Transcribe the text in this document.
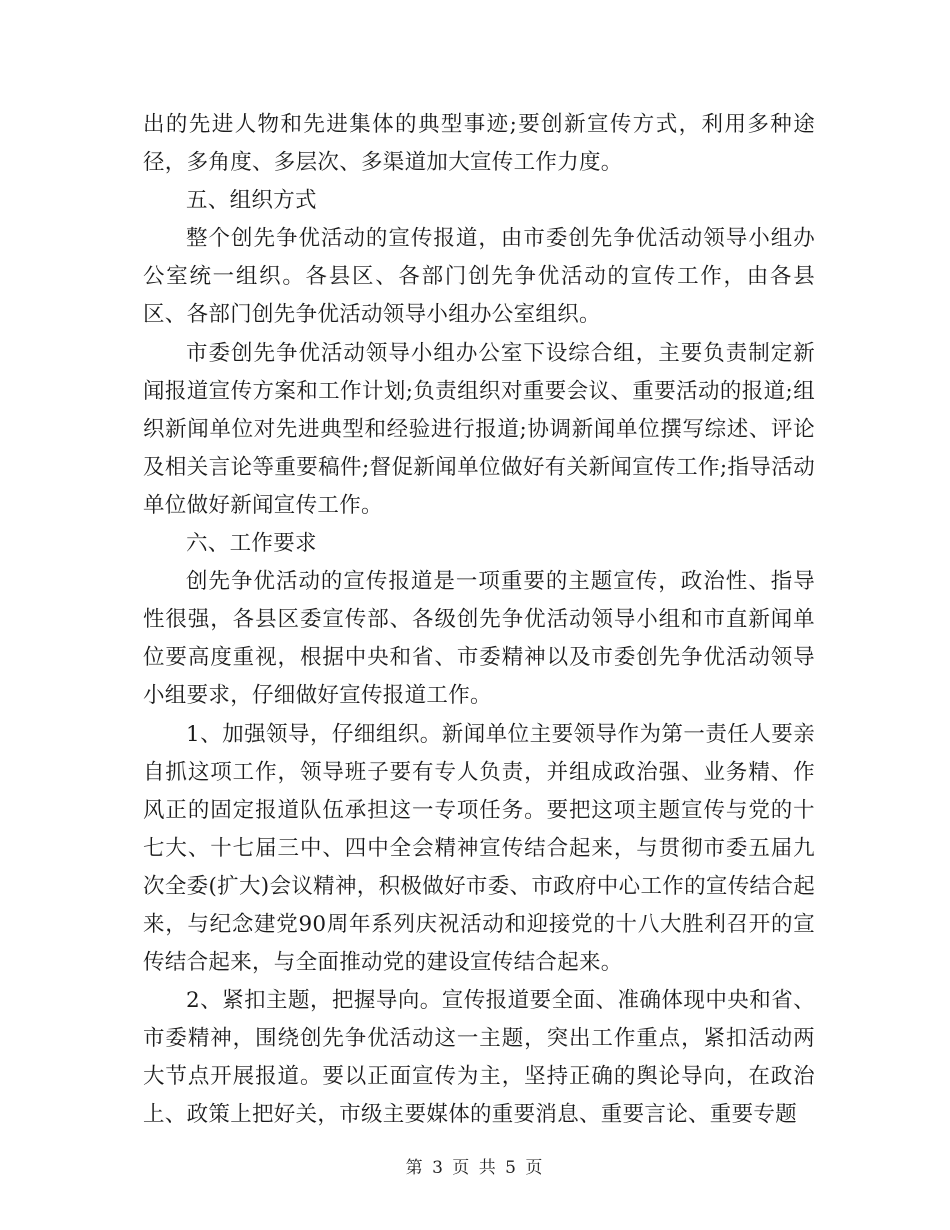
出的先进人物和先进集体的典型事迹;要创新宣传方式，利用多种途径，多角度、多层次、多渠道加大宣传工作力度。

五、组织方式

整个创先争优活动的宣传报道，由市委创先争优活动领导小组办公室统一组织。各县区、各部门创先争优活动的宣传工作，由各县区、各部门创先争优活动领导小组办公室组织。

市委创先争优活动领导小组办公室下设综合组，主要负责制定新闻报道宣传方案和工作计划;负责组织对重要会议、重要活动的报道;组织新闻单位对先进典型和经验进行报道;协调新闻单位撰写综述、评论及相关言论等重要稿件;督促新闻单位做好有关新闻宣传工作;指导活动单位做好新闻宣传工作。

六、工作要求

创先争优活动的宣传报道是一项重要的主题宣传，政治性、指导性很强，各县区委宣传部、各级创先争优活动领导小组和市直新闻单位要高度重视，根据中央和省、市委精神以及市委创先争优活动领导小组要求，仔细做好宣传报道工作。

1、加强领导，仔细组织。新闻单位主要领导作为第一责任人要亲自抓这项工作，领导班子要有专人负责，并组成政治强、业务精、作风正的固定报道队伍承担这一专项任务。要把这项主题宣传与党的十七大、十七届三中、四中全会精神宣传结合起来，与贯彻市委五届九次全委(扩大)会议精神，积极做好市委、市政府中心工作的宣传结合起来，与纪念建党90周年系列庆祝活动和迎接党的十八大胜利召开的宣传结合起来，与全面推动党的建设宣传结合起来。

2、紧扣主题，把握导向。宣传报道要全面、准确体现中央和省、市委精神，围绕创先争优活动这一主题，突出工作重点，紧扣活动两大节点开展报道。要以正面宣传为主，坚持正确的舆论导向，在政治上、政策上把好关，市级主要媒体的重要消息、重要言论、重要专题

第 3 页 共 5 页
